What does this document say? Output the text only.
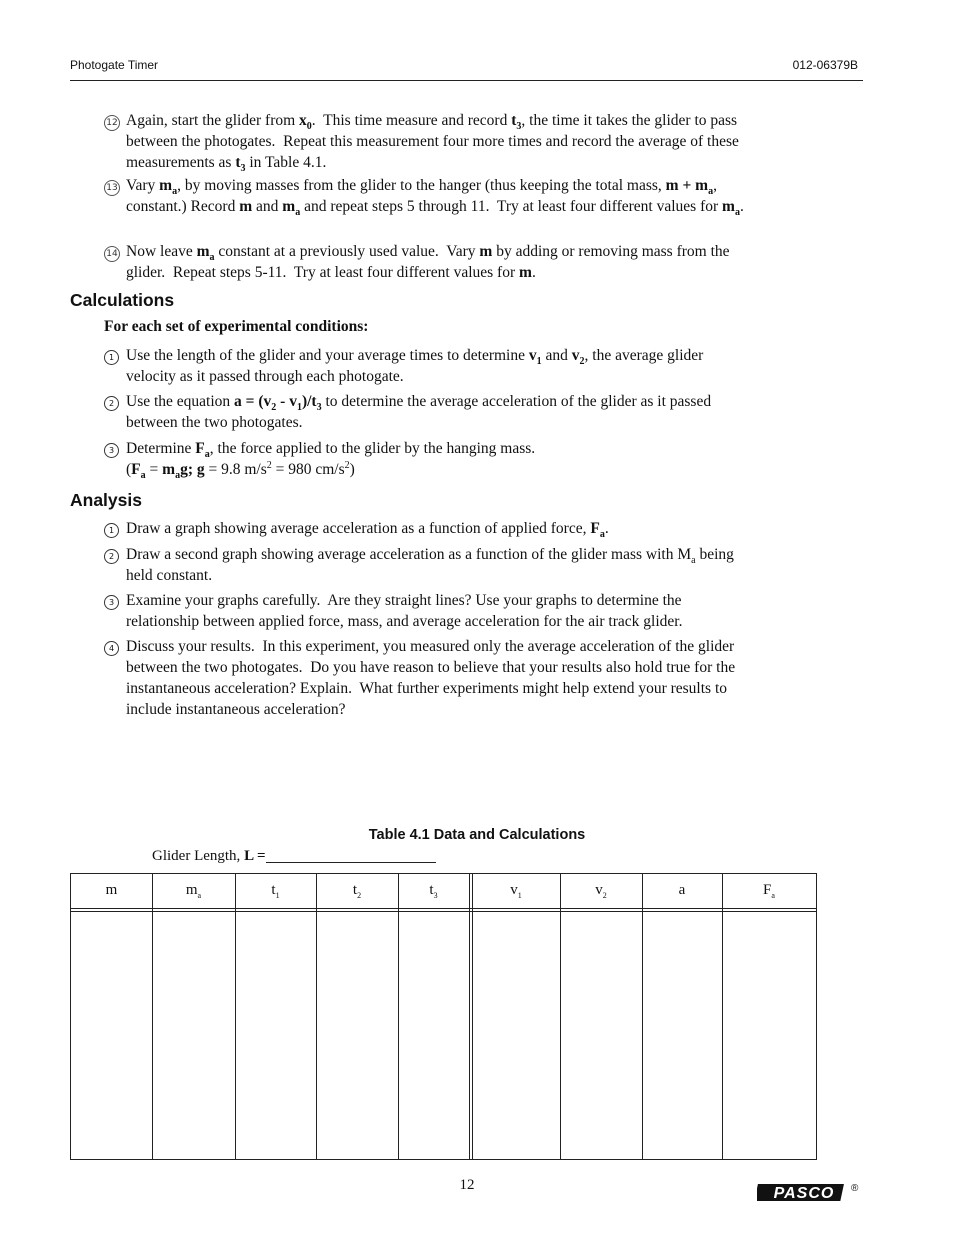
Photogate Timer	012-06379B
12 Again, start the glider from $x_0$.  This time measure and record $t_3$, the time it takes the glider to pass between the photogates.  Repeat this measurement four more times and record the average of these measurements as $t_3$ in Table 4.1.
13 Vary $m_a$, by moving masses from the glider to the hanger (thus keeping the total mass, $m + m_a$, constant.) Record m and $m_a$ and repeat steps 5 through 11.  Try at least four different values for $m_a$.
14 Now leave $m_a$ constant at a previously used value.  Vary m by adding or removing mass from the glider.  Repeat steps 5-11.  Try at least four different values for m.
Calculations
For each set of experimental conditions:
1 Use the length of the glider and your average times to determine $v_1$ and $v_2$, the average glider velocity as it passed through each photogate.
2 Use the equation $a = (v_2 - v_1)/t_3$ to determine the average acceleration of the glider as it passed between the two photogates.
3 Determine $F_a$, the force applied to the glider by the hanging mass.
($F_a = m_ag$; g = 9.8 $m/s^2 = 980$ $cm/s^2$)
Analysis
1 Draw a graph showing average acceleration as a function of applied force, $F_a$.
2 Draw a second graph showing average acceleration as a function of the glider mass with $M_a$ being held constant.
3 Examine your graphs carefully.  Are they straight lines? Use your graphs to determine the relationship between applied force, mass, and average acceleration for the air track glider.
4 Discuss your results.  In this experiment, you measured only the average acceleration of the glider between the two photogates.  Do you have reason to believe that your results also hold true for the instantaneous acceleration? Explain.  What further experiments might help extend your results to include instantaneous acceleration?
Table 4.1 Data and Calculations
Glider Length, L =
m	$m_a$	$t_1$	$t_2$	$t_3$	$v_1$	$v_2$	a	$F_a$
12	PASCO ®
